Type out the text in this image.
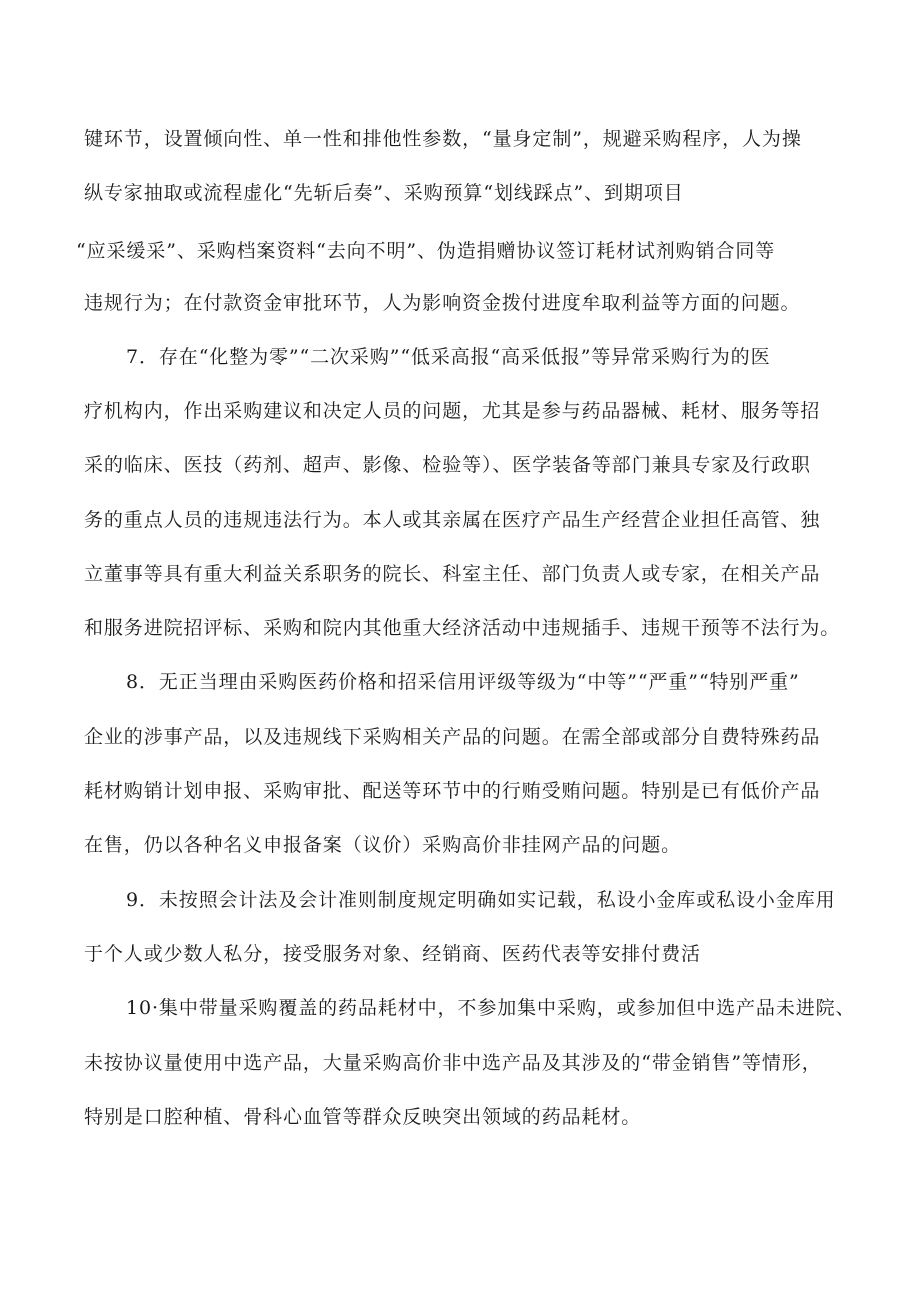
键环节，设置倾向性、单一性和排他性参数，“量身定制”，规避采购程序，人为操
纵专家抽取或流程虚化“先斩后奏”、采购预算“划线踩点”、到期项目
“应采缓采”、采购档案资料“去向不明”、伪造捐赠协议签订耗材试剂购销合同等
违规行为；在付款资金审批环节，人为影响资金拨付进度牟取利益等方面的问题。
7．存在“化整为零”“二次采购”“低采高报“高采低报”等异常采购行为的医
疗机构内，作出采购建议和决定人员的问题，尤其是参与药品器械、耗材、服务等招
采的临床、医技（药剂、超声、影像、检验等）、医学装备等部门兼具专家及行政职
务的重点人员的违规违法行为。本人或其亲属在医疗产品生产经营企业担任高管、独
立董事等具有重大利益关系职务的院长、科室主任、部门负责人或专家，在相关产品
和服务进院招评标、采购和院内其他重大经济活动中违规插手、违规干预等不法行为。
8．无正当理由采购医药价格和招采信用评级等级为“中等”“严重”“特别严重”
企业的涉事产品，以及违规线下采购相关产品的问题。在需全部或部分自费特殊药品
耗材购销计划申报、采购审批、配送等环节中的行贿受贿问题。特别是已有低价产品
在售，仍以各种名义申报备案（议价）采购高价非挂网产品的问题。
9．未按照会计法及会计准则制度规定明确如实记载，私设小金库或私设小金库用
于个人或少数人私分，接受服务对象、经销商、医药代表等安排付费活
10·集中带量采购覆盖的药品耗材中，不参加集中采购，或参加但中选产品未进院、
未按协议量使用中选产品，大量采购高价非中选产品及其涉及的“带金销售”等情形，
特别是口腔种植、骨科心血管等群众反映突出领域的药品耗材。
